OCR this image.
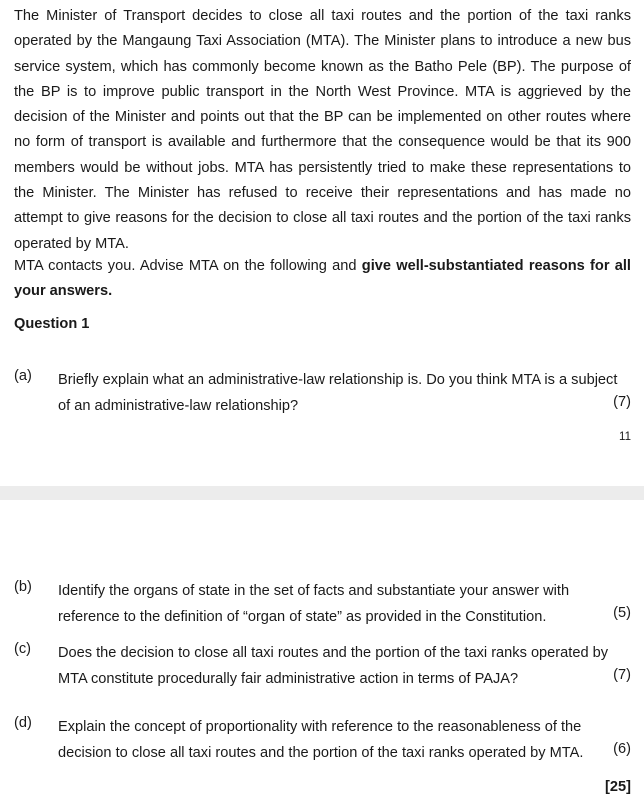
The Minister of Transport decides to close all taxi routes and the portion of the taxi ranks operated by the Mangaung Taxi Association (MTA). The Minister plans to introduce a new bus service system, which has commonly become known as the Batho Pele (BP). The purpose of the BP is to improve public transport in the North West Province. MTA is aggrieved by the decision of the Minister and points out that the BP can be implemented on other routes where no form of transport is available and furthermore that the consequence would be that its 900 members would be without jobs. MTA has persistently tried to make these representations to the Minister. The Minister has refused to receive their representations and has made no attempt to give reasons for the decision to close all taxi routes and the portion of the taxi ranks operated by MTA.

MTA contacts you. Advise MTA on the following and give well-substantiated reasons for all your answers.

Question 1

(a) Briefly explain what an administrative-law relationship is. Do you think MTA is a subject of an administrative-law relationship?	(7)
11
(b) Identify the organs of state in the set of facts and substantiate your answer with reference to the definition of “organ of state” as provided in the Constitution.	(5)
(c) Does the decision to close all taxi routes and the portion of the taxi ranks operated by MTA constitute procedurally fair administrative action in terms of PAJA?	(7)
(d) Explain the concept of proportionality with reference to the reasonableness of the decision to close all taxi routes and the portion of the taxi ranks operated by MTA.	(6)
[25]
